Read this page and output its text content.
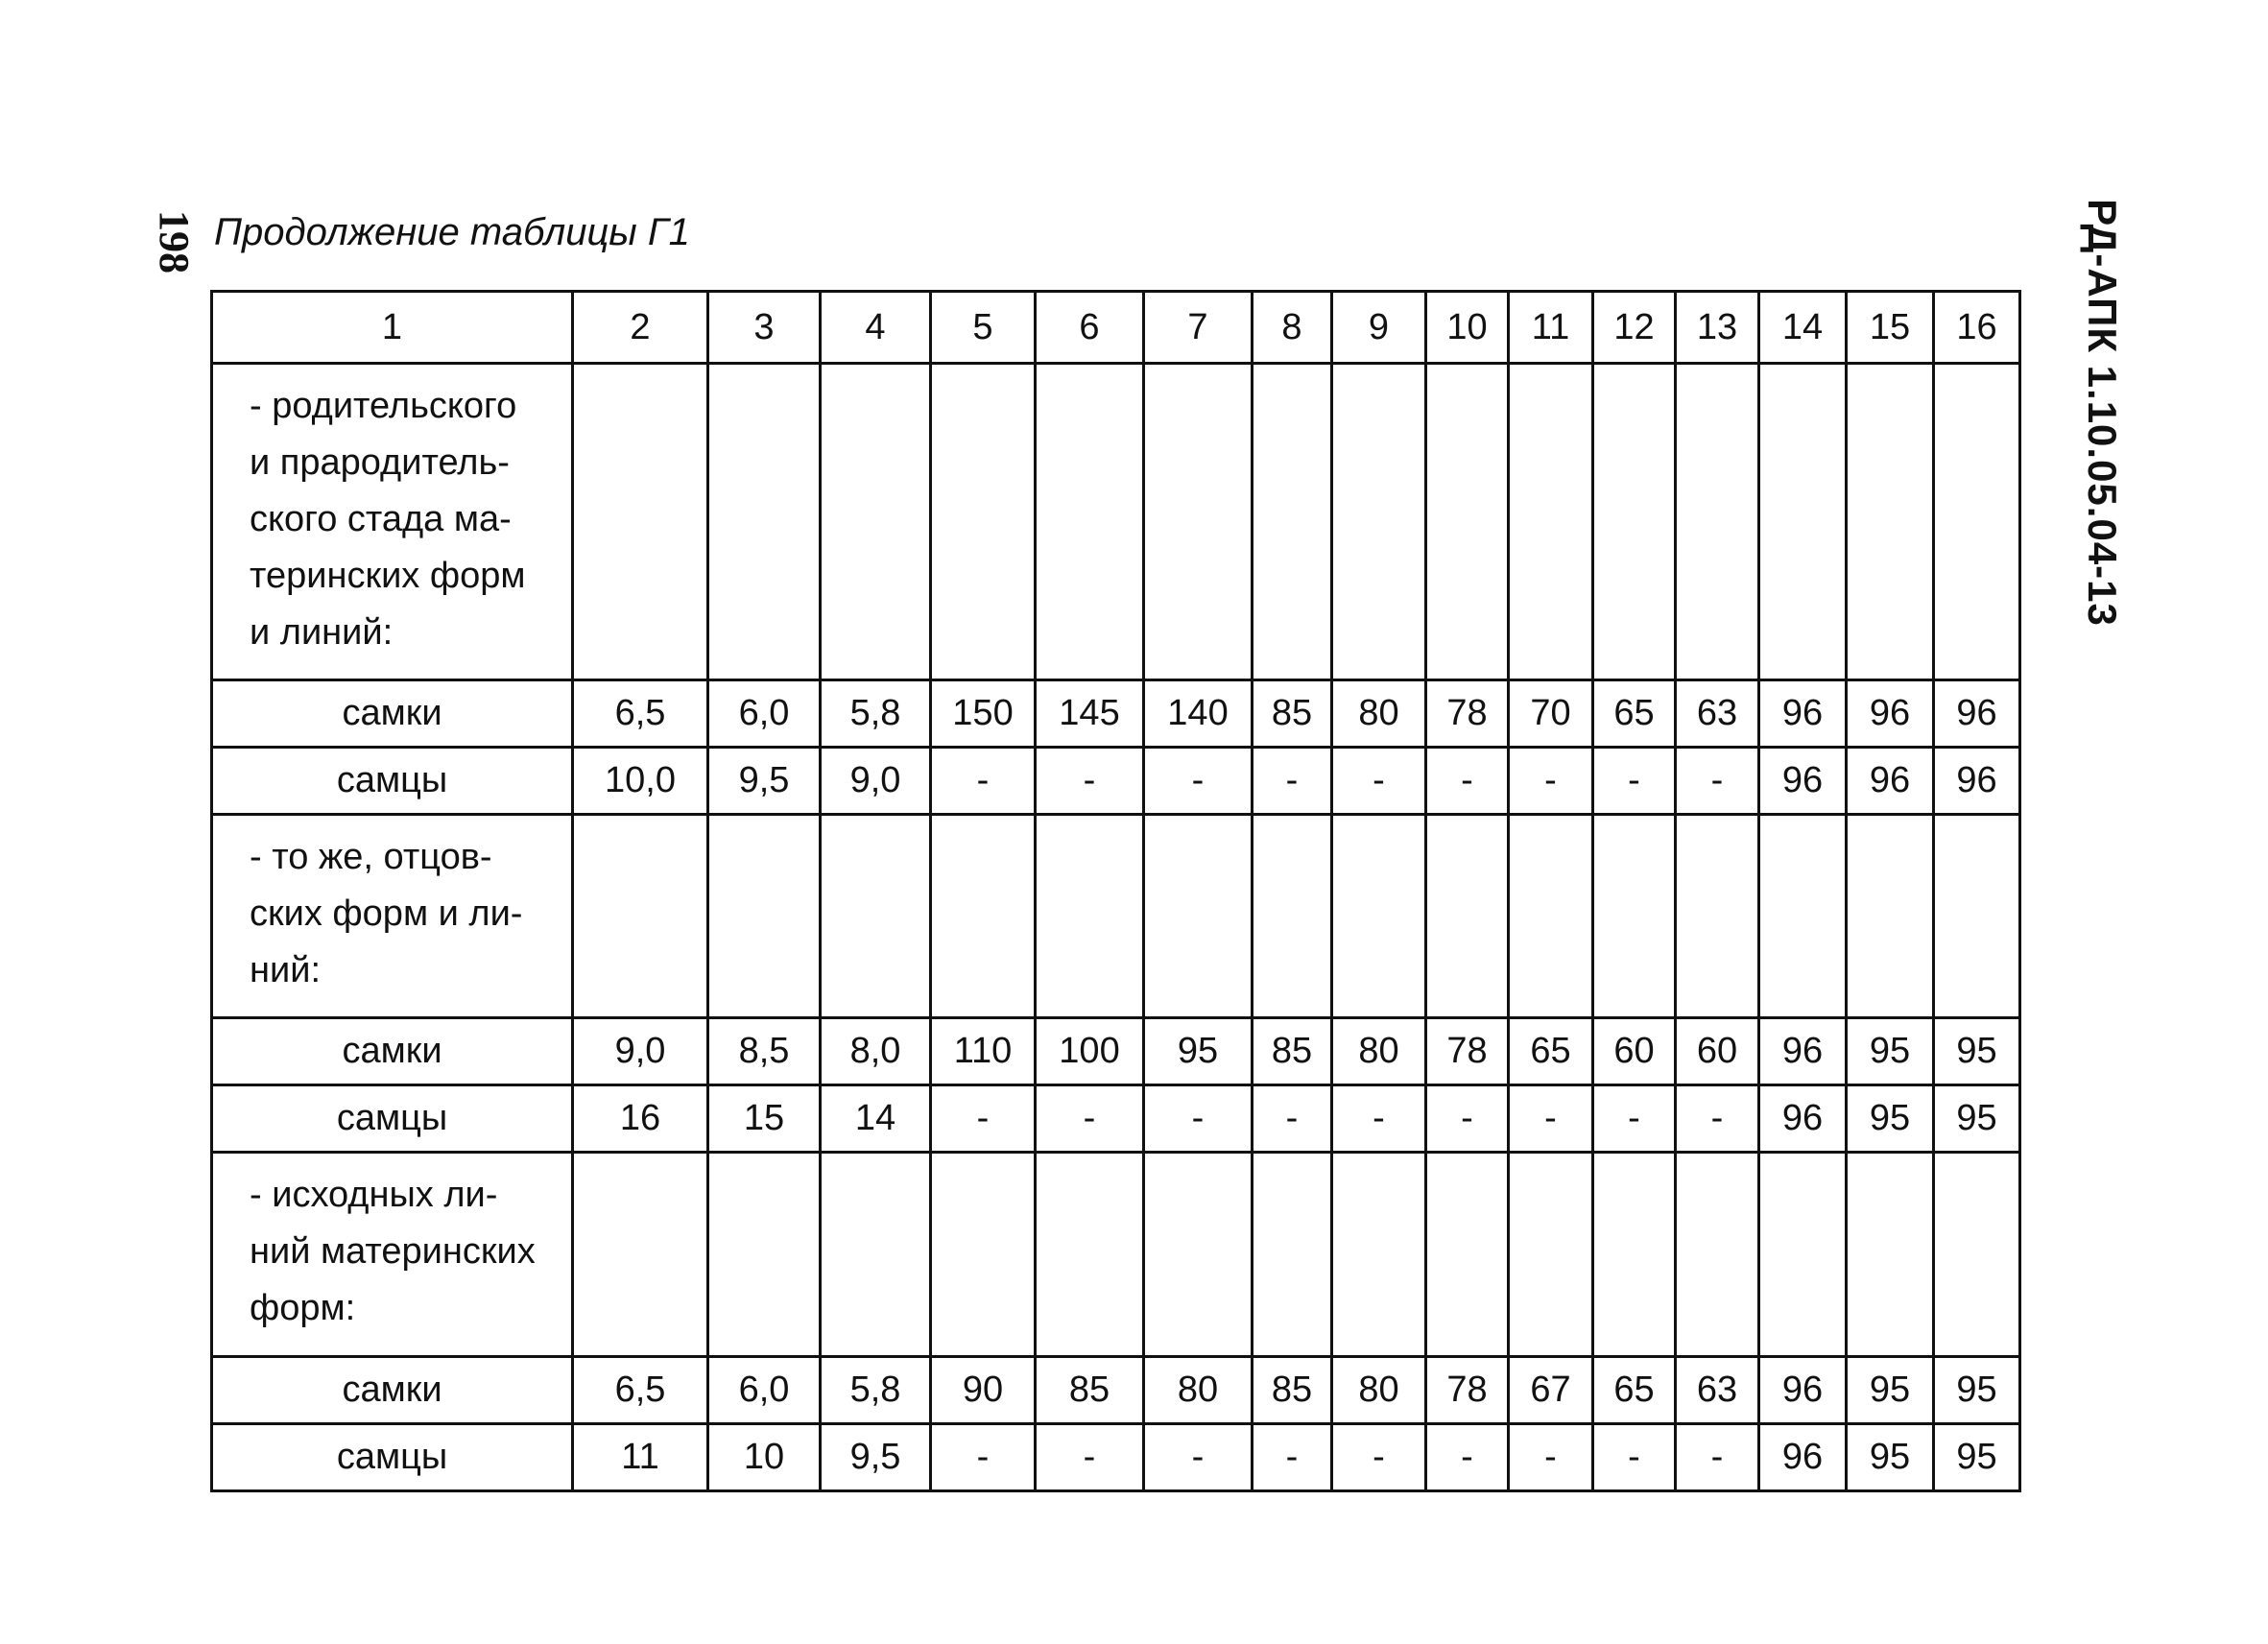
198 Продолжение таблицы Г1	РД-АПК 1.10.05.04-13
1	2	3	4	5	6	7	8	9	10	11	12	13	14	15	16

- родительского
и прародитель-
ского стада ма-
теринских форм
и линий:															

самки	6,5	6,0	5,8	150	145	140	85	80	78	70	65	63	96	96	96
самцы	10,0	9,5	9,0	-	-	-	-	-	-	-	-	-	96	96	96

- то же, отцов-
ских форм и ли-
ний:															

самки	9,0	8,5	8,0	110	100	95	85	80	78	65	60	60	96	95	95
самцы	16	15	14	-	-	-	-	-	-	-	-	-	96	95	95

- исходных ли-
ний материнских
форм:															

самки	6,5	6,0	5,8	90	85	80	85	80	78	67	65	63	96	95	95
самцы	11	10	9,5	-	-	-	-	-	-	-	-	-	96	95	95
